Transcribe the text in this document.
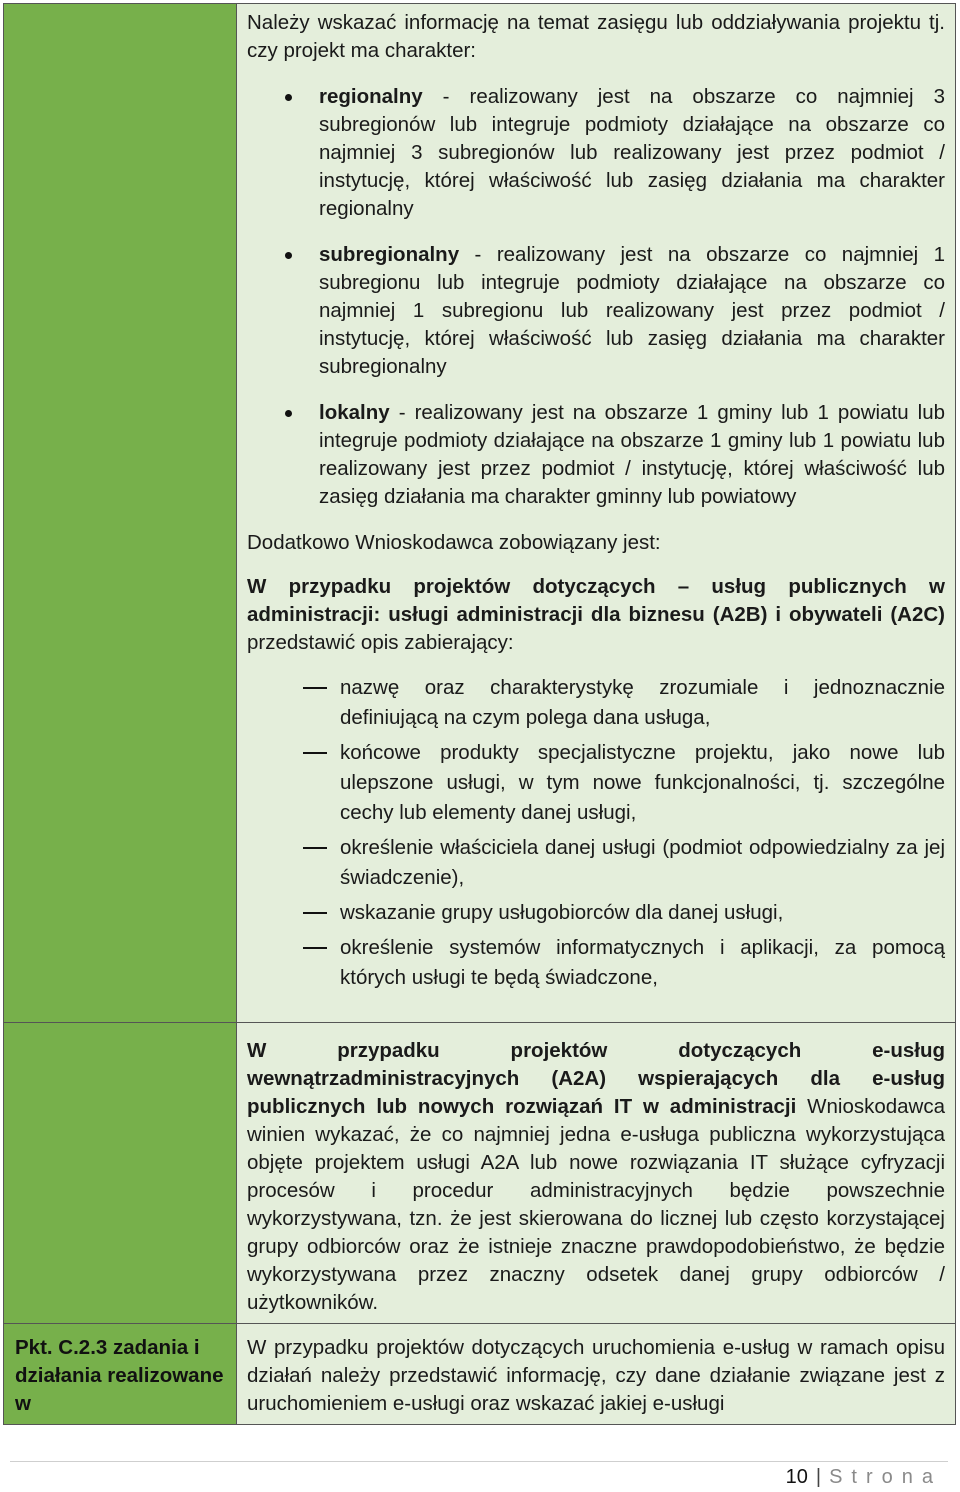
Należy wskazać informację na temat zasięgu lub oddziaływania projektu tj. czy projekt ma charakter:

regionalny - realizowany jest na obszarze co najmniej 3 subregionów lub integruje podmioty działające na obszarze co najmniej 3 subregionów lub realizowany jest przez podmiot / instytucję, której właściwość lub zasięg działania ma charakter regionalny
subregionalny - realizowany jest na obszarze co najmniej 1 subregionu lub integruje podmioty działające na obszarze co najmniej 1 subregionu lub realizowany jest przez podmiot / instytucję, której właściwość lub zasięg działania ma charakter subregionalny
lokalny - realizowany jest na obszarze 1 gminy lub 1 powiatu lub integruje podmioty działające na obszarze 1 gminy lub 1 powiatu lub realizowany jest przez podmiot / instytucję, której właściwość lub zasięg działania ma charakter gminny lub powiatowy

Dodatkowo Wnioskodawca zobowiązany jest:

W przypadku projektów dotyczących – usług publicznych w administracji: usługi administracji dla biznesu (A2B) i obywateli (A2C) przedstawić opis zabierający:

nazwę oraz charakterystykę zrozumiale i jednoznacznie definiującą na czym polega dana usługa,
końcowe produkty specjalistyczne projektu, jako nowe lub ulepszone usługi, w tym nowe funkcjonalności, tj. szczególne cechy lub elementy danej usługi,
określenie właściciela danej usługi (podmiot odpowiedzialny za jej świadczenie),
wskazanie grupy usługobiorców dla danej usługi,
określenie systemów informatycznych i aplikacji, za pomocą których usługi te będą świadczone,

W przypadku projektów dotyczących e-usług wewnątrzadministracyjnych (A2A) wspierających dla e-usług publicznych lub nowych rozwiązań IT w administracji Wnioskodawca winien wykazać, że co najmniej jedna e-usługa publiczna wykorzystująca objęte projektem usługi A2A lub nowe rozwiązania IT służące cyfryzacji procesów i procedur administracyjnych będzie powszechnie wykorzystywana, tzn. że jest skierowana do licznej lub często korzystającej grupy odbiorców oraz że istnieje znaczne prawdopodobieństwo, że będzie wykorzystywana przez znaczny odsetek danej grupy odbiorców / użytkowników.

Pkt. C.2.3 zadania i działania realizowane w

W przypadku projektów dotyczących uruchomienia e-usług w ramach opisu działań należy przedstawić informację, czy dane działanie związane jest z uruchomieniem e-usługi oraz wskazać jakiej e-usługi

10 | Strona
